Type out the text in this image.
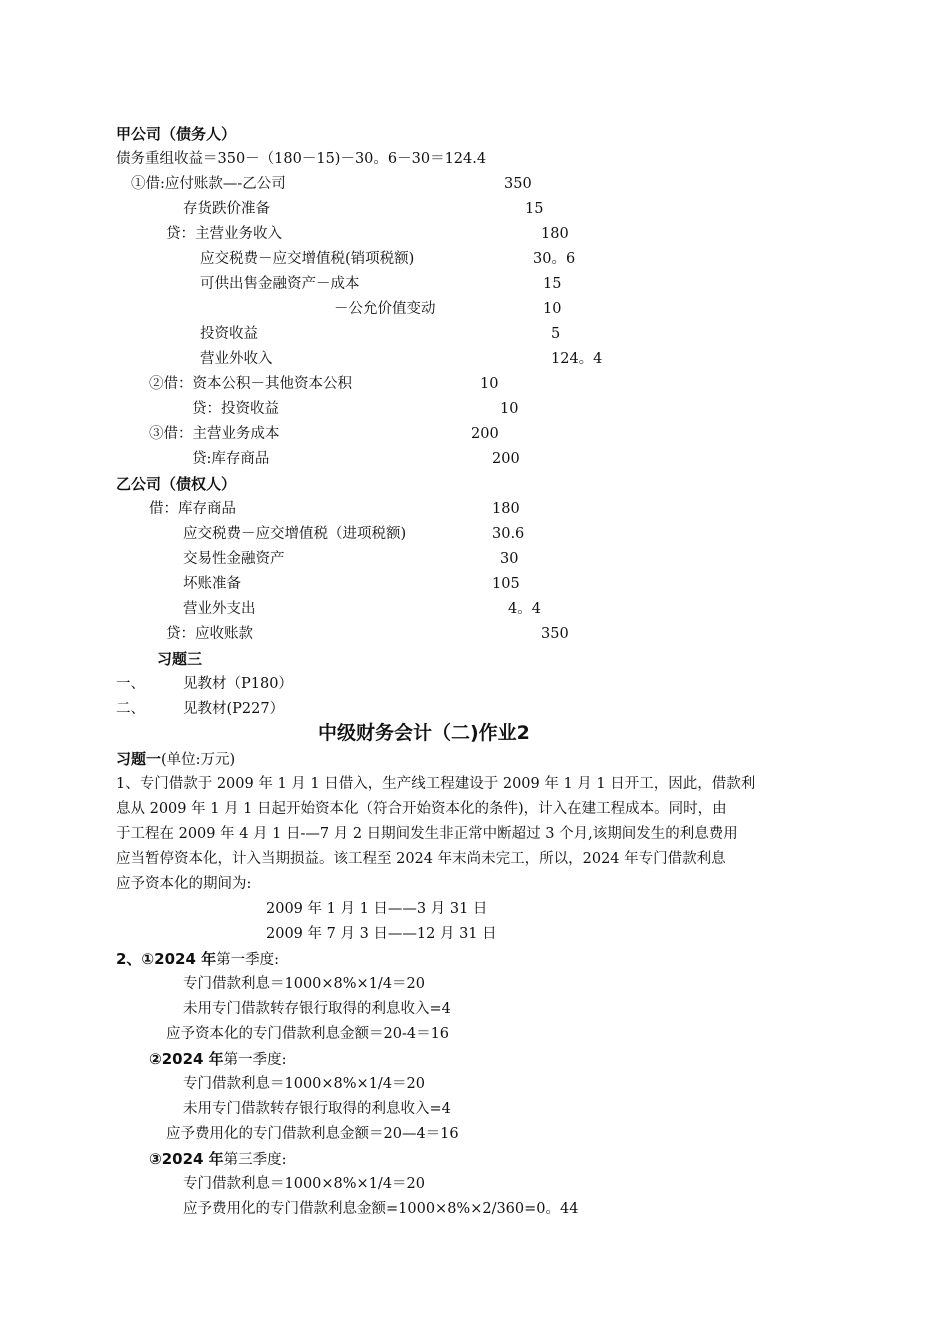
甲公司（债务人）
债务重组收益＝350－（180－15)－30。6－30＝124.4
①借:应付账款—-乙公司	350
存货跌价准备	15
贷：主营业务收入	180
应交税费－应交增值税(销项税额)	30。6
可供出售金融资产－成本	15
－公允价值变动	10
投资收益	5
营业外收入	124。4
②借：资本公积－其他资本公积	10
贷：投资收益	10
③借：主营业务成本	200
贷:库存商品	200
乙公司（债权人）
借：库存商品	180
应交税费－应交增值税（进项税额)	30.6
交易性金融资产	30
坏账准备	105
营业外支出	4。4
贷：应收账款	350
习题三
一、	见教材（P180）
二、	见教材(P227）
中级财务会计（二)作业2
习题一(单位:万元)
1、专门借款于 2009 年 1 月 1 日借入，生产线工程建设于 2009 年 1 月 1 日开工，因此，借款利
息从 2009 年 1 月 1 日起开始资本化（符合开始资本化的条件)，计入在建工程成本。同时，由
于工程在 2009 年 4 月 1 日-—7 月 2 日期间发生非正常中断超过 3 个月,该期间发生的利息费用
应当暂停资本化，计入当期损益。该工程至 2024 年末尚未完工，所以，2024 年专门借款利息
应予资本化的期间为:
2009 年 1 月 1 日——3 月 31 日
2009 年 7 月 3 日——12 月 31 日
2、①2024 年第一季度:
专门借款利息＝1000×8%×1/4＝20
未用专门借款转存银行取得的利息收入=4
应予资本化的专门借款利息金额＝20-4＝16
②2024 年第一季度:
专门借款利息＝1000×8%×1/4＝20
未用专门借款转存银行取得的利息收入=4
应予费用化的专门借款利息金额＝20—4＝16
③2024 年第三季度:
专门借款利息＝1000×8%×1/4＝20
应予费用化的专门借款利息金额=1000×8%×2/360=0。44
